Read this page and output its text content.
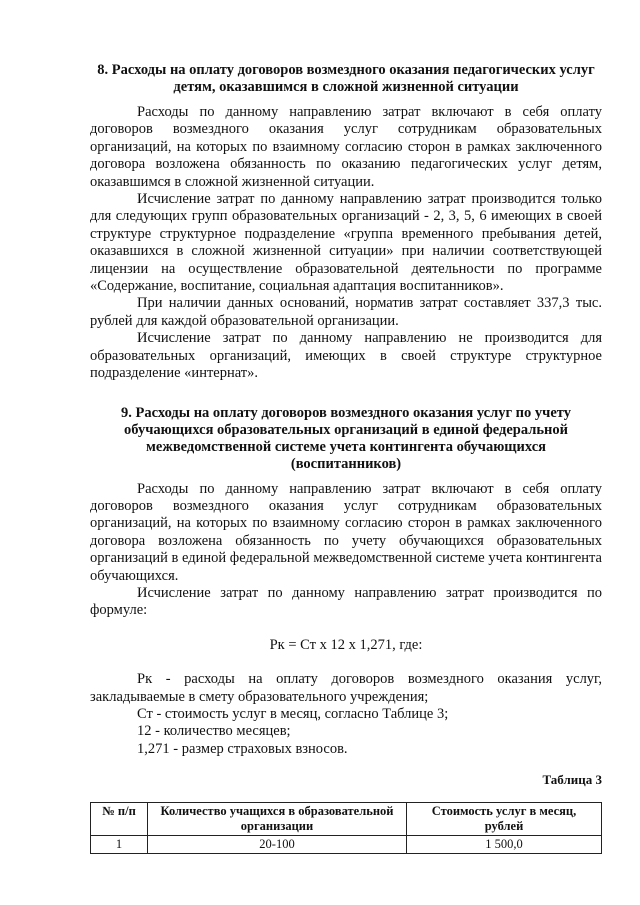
8. Расходы на оплату договоров возмездного оказания педагогических услуг детям, оказавшимся в сложной жизненной ситуации

Расходы по данному направлению затрат включают в себя оплату договоров возмездного оказания услуг сотрудникам образовательных организаций, на которых по взаимному согласию сторон в рамках заключенного договора возложена обязанность по оказанию педагогических услуг детям, оказавшимся в сложной жизненной ситуации.

Исчисление затрат по данному направлению затрат производится только для следующих групп образовательных организаций - 2, 3, 5, 6 имеющих в своей структуре структурное подразделение «группа временного пребывания детей, оказавшихся в сложной жизненной ситуации» при наличии соответствующей лицензии на осуществление образовательной деятельности по программе «Содержание, воспитание, социальная адаптация воспитанников».

При наличии данных оснований, норматив затрат составляет 337,3 тыс. рублей для каждой образовательной организации.

Исчисление затрат по данному направлению не производится для образовательных организаций, имеющих в своей структуре структурное подразделение «интернат».

9. Расходы на оплату договоров возмездного оказания услуг по учету обучающихся образовательных организаций в единой федеральной межведомственной системе учета контингента обучающихся (воспитанников)

Расходы по данному направлению затрат включают в себя оплату договоров возмездного оказания услуг сотрудникам образовательных организаций, на которых по взаимному согласию сторон в рамках заключенного договора возложена обязанность по учету обучающихся образовательных организаций в единой федеральной межведомственной системе учета контингента обучающихся.

Исчисление затрат по данному направлению затрат производится по формуле:

Рк = Ст х 12 х 1,271, где:

Рк - расходы на оплату договоров возмездного оказания услуг, закладываемые в смету образовательного учреждения;

Ст - стоимость услуг в месяц, согласно Таблице 3;

12 - количество месяцев;

1,271 - размер страховых взносов.

Таблица 3
№ п/п	Количество учащихся в образовательной организации	Стоимость услуг в месяц, рублей
1	20-100	1 500,0
